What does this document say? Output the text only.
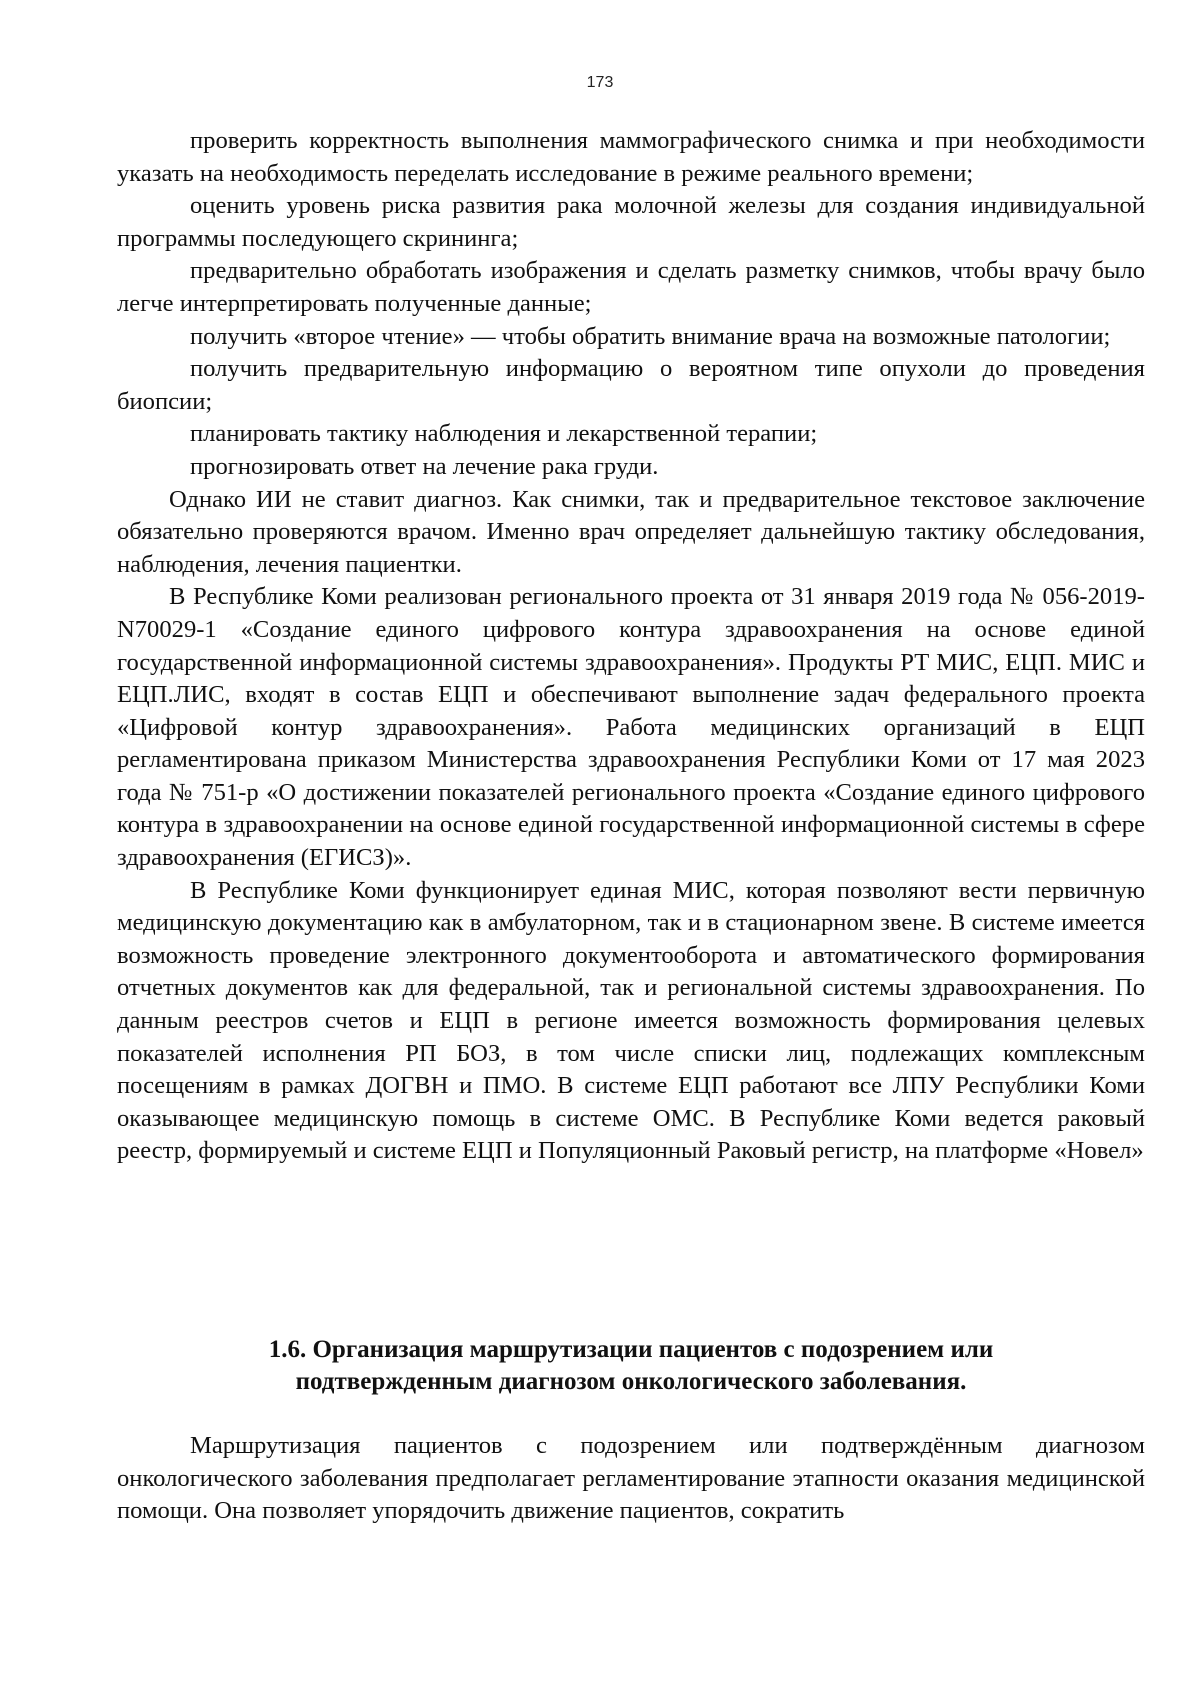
173

проверить корректность выполнения маммографического снимка и при необходимости указать на необходимость переделать исследование в режиме реального времени;

оценить уровень риска развития рака молочной железы для создания индивидуальной программы последующего скрининга;

предварительно обработать изображения и сделать разметку снимков, чтобы врачу было легче интерпретировать полученные данные;

получить «второе чтение» — чтобы обратить внимание врача на возможные патологии;

получить предварительную информацию о вероятном типе опухоли до проведения биопсии;

планировать тактику наблюдения и лекарственной терапии;

прогнозировать ответ на лечение рака груди.

Однако ИИ не ставит диагноз. Как снимки, так и предварительное текстовое заключение обязательно проверяются врачом. Именно врач определяет дальнейшую тактику обследования, наблюдения, лечения пациентки.

В Республике Коми реализован регионального проекта от 31 января 2019 года № 056-2019-N70029-1 «Создание единого цифрового контура здравоохранения на основе единой государственной информационной системы здравоохранения». Продукты РТ МИС, ЕЦП. МИС и ЕЦП.ЛИС, входят в состав ЕЦП и обеспечивают выполнение задач федерального проекта «Цифровой контур здравоохранения». Работа медицинских организаций в ЕЦП регламентирована приказом Министерства здравоохранения Республики Коми от 17 мая 2023 года № 751-р «О достижении показателей регионального проекта «Создание единого цифрового контура в здравоохранении на основе единой государственной информационной системы в сфере здравоохранения (ЕГИСЗ)».

В Республике Коми функционирует единая МИС, которая позволяют вести первичную медицинскую документацию как в амбулаторном, так и в стационарном звене. В системе имеется возможность проведение электронного документооборота и автоматического формирования отчетных документов как для федеральной, так и региональной системы здравоохранения. По данным реестров счетов и ЕЦП в регионе имеется возможность формирования целевых показателей исполнения РП БОЗ, в том числе списки лиц, подлежащих комплексным посещениям в рамках ДОГВН и ПМО. В системе ЕЦП работают все ЛПУ Республики Коми оказывающее медицинскую помощь в системе ОМС. В Республике Коми ведется раковый реестр, формируемый и системе ЕЦП и Популяционный Раковый регистр, на платформе «Новел»

1.6. Организация маршрутизации пациентов с подозрением или

подтвержденным диагнозом онкологического заболевания.

Маршрутизация пациентов с подозрением или подтверждённым диагнозом онкологического заболевания предполагает регламентирование этапности оказания медицинской помощи. Она позволяет упорядочить движение пациентов, сократить
